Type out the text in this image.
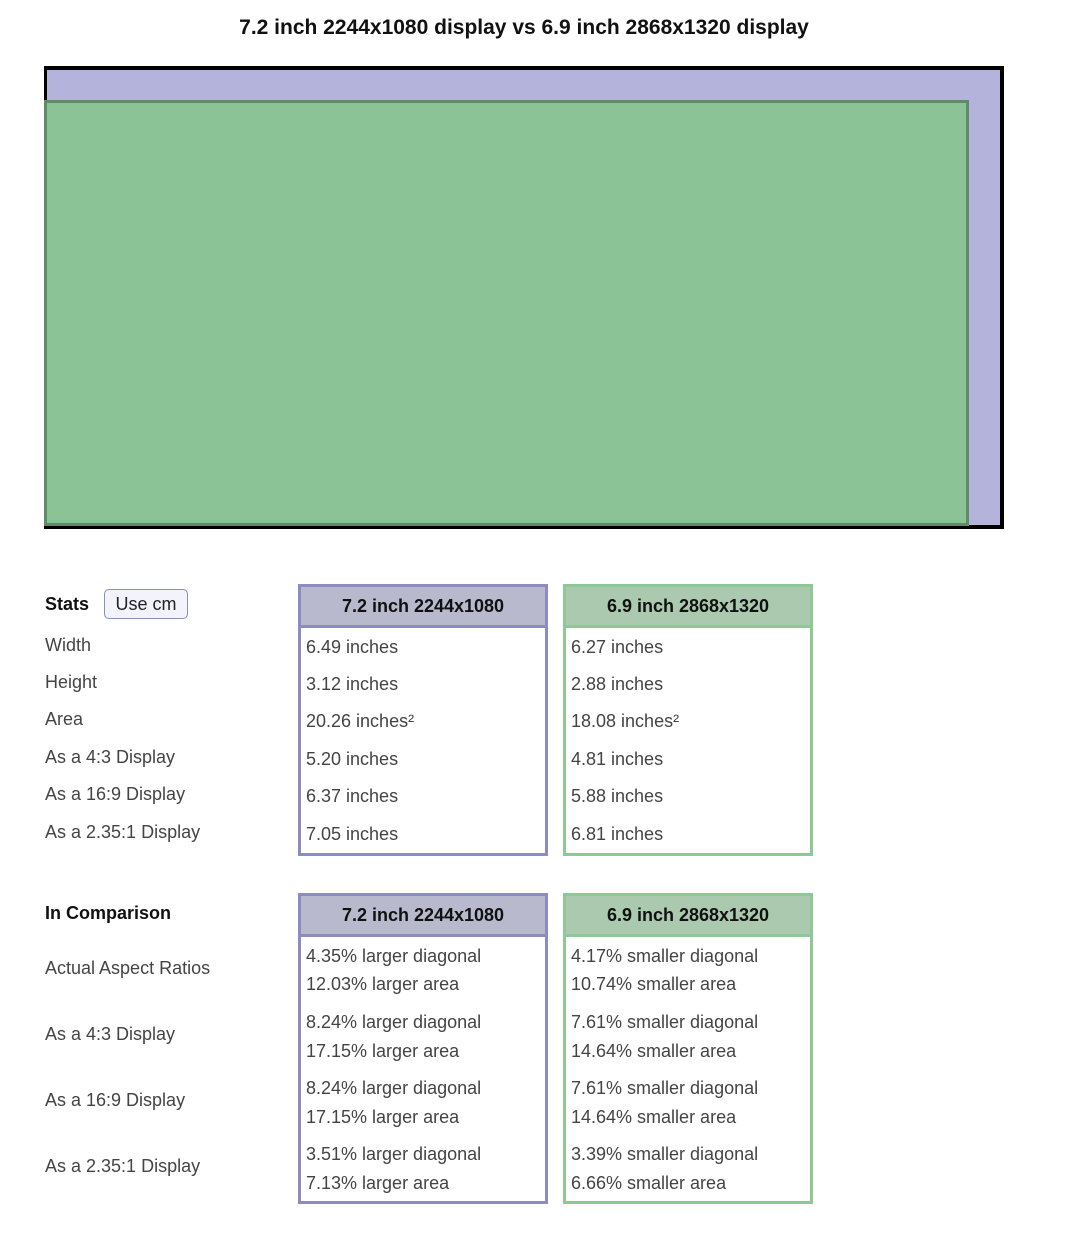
7.2 inch 2244x1080 display vs 6.9 inch 2868x1320 display
Stats	Use cm
Width
Height
Area
As a 4:3 Display
As a 16:9 Display
As a 2.35:1 Display
7.2 inch 2244x1080
6.49 inches
3.12 inches
20.26 inches²
5.20 inches
6.37 inches
7.05 inches
6.9 inch 2868x1320
6.27 inches
2.88 inches
18.08 inches²
4.81 inches
5.88 inches
6.81 inches
In Comparison
Actual Aspect Ratios
As a 4:3 Display
As a 16:9 Display
As a 2.35:1 Display
7.2 inch 2244x1080
4.35% larger diagonal
12.03% larger area
8.24% larger diagonal
17.15% larger area
8.24% larger diagonal
17.15% larger area
3.51% larger diagonal
7.13% larger area
6.9 inch 2868x1320
4.17% smaller diagonal
10.74% smaller area
7.61% smaller diagonal
14.64% smaller area
7.61% smaller diagonal
14.64% smaller area
3.39% smaller diagonal
6.66% smaller area
